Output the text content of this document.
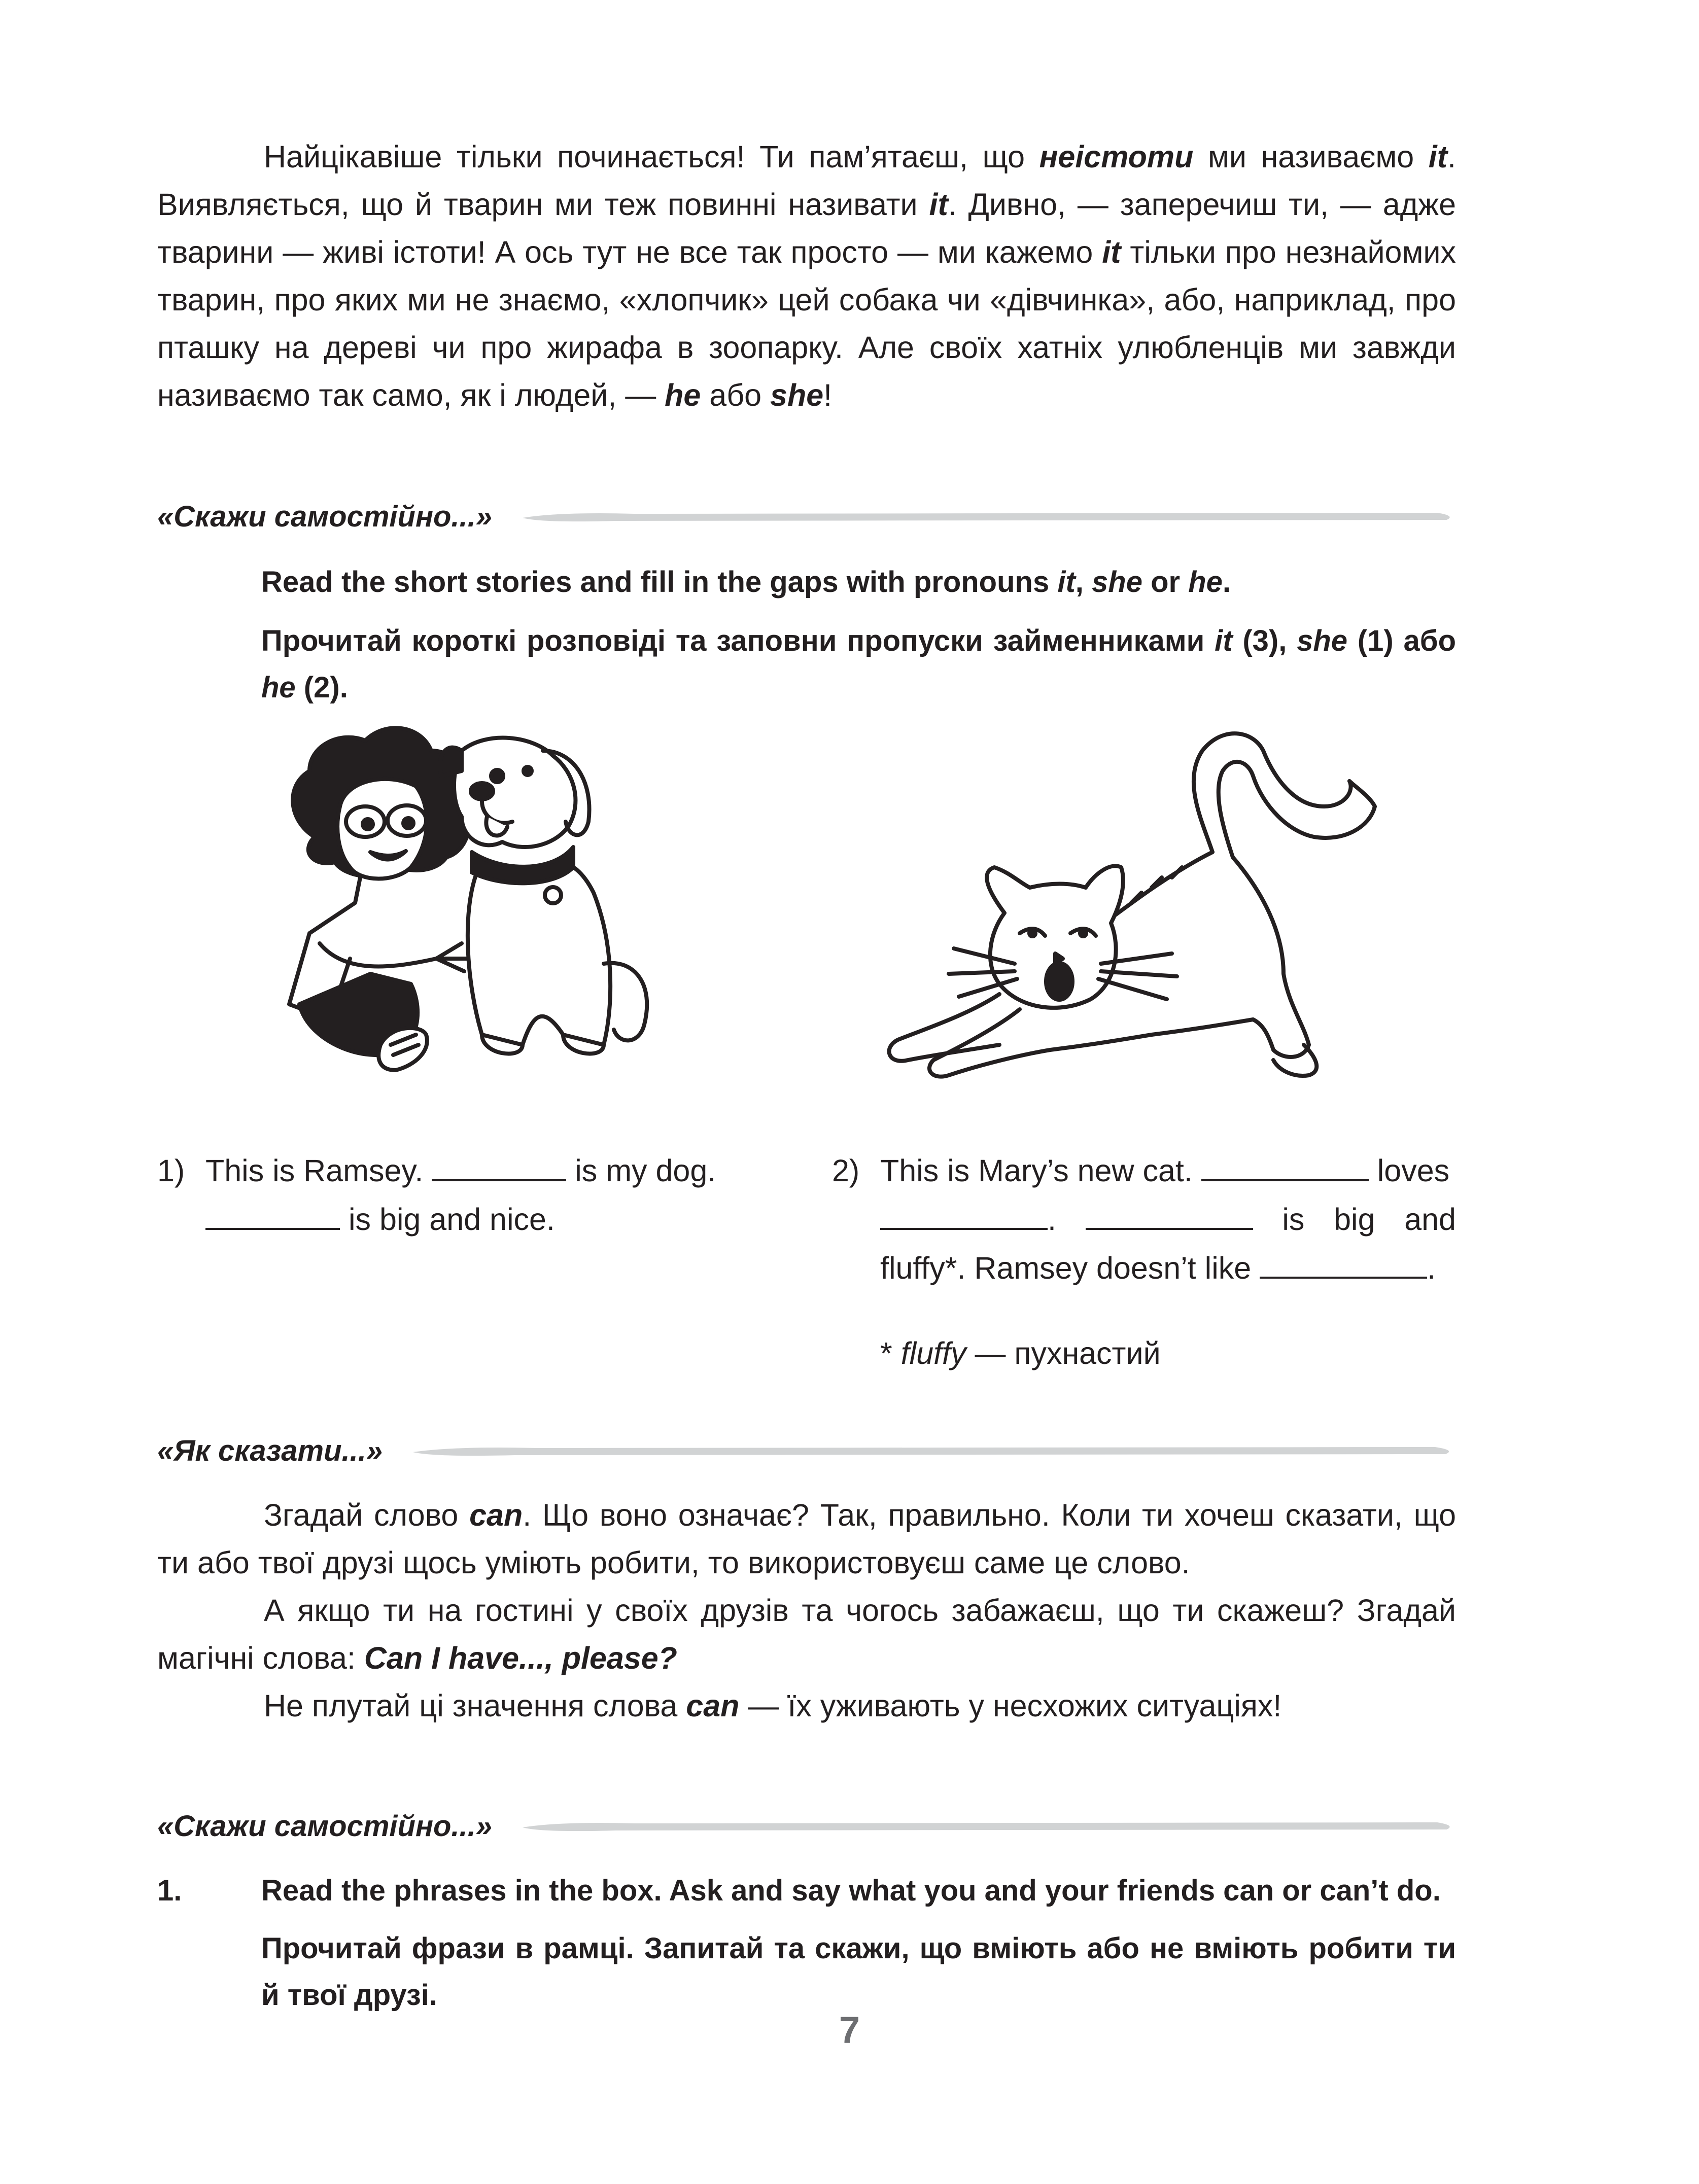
Найцікавіше тільки починається! Ти пам’ятаєш, що неістоти ми називаємо it. Виявляється, що й тварин ми теж повинні називати it. Дивно, — заперечиш ти, — адже тварини — живі істоти! А ось тут не все так просто — ми кажемо it тільки про незнайомих тварин, про яких ми не знаємо, «хлопчик» цей собака чи «дівчинка», або, наприклад, про пташку на дереві чи про жирафа в зоопарку. Але своїх хатніх улюбленців ми завжди називаємо так само, як і людей, — he або she!

«Скажи самостійно...»

Read the short stories and fill in the gaps with pronouns it, she or he.

Прочитай короткі розповіді та заповни пропуски займенниками it (3), she (1) або he (2).

1) This is Ramsey.	is my dog.
is big and nice.
2) This is Mary’s new cat.	loves
.	is big and fluffy*. Ramsey doesn’t like	.

* fluffy — пухнастий

«Як сказати...»

Згадай слово can. Що воно означає? Так, правильно. Коли ти хочеш сказати, що ти або твої друзі щось уміють робити, то використовуєш саме це слово.

А якщо ти на гостині у своїх друзів та чогось забажаєш, що ти скажеш? Згадай магічні слова: Can I have..., please?

Не плутай ці значення слова can — їх уживають у несхожих ситуаціях!

«Скажи самостійно...»

1.	Read the phrases in the box. Ask and say what you and your friends can or can’t do.

Прочитай фрази в рамці. Запитай та скажи, що вміють або не вміють робити ти й твої друзі.

7
